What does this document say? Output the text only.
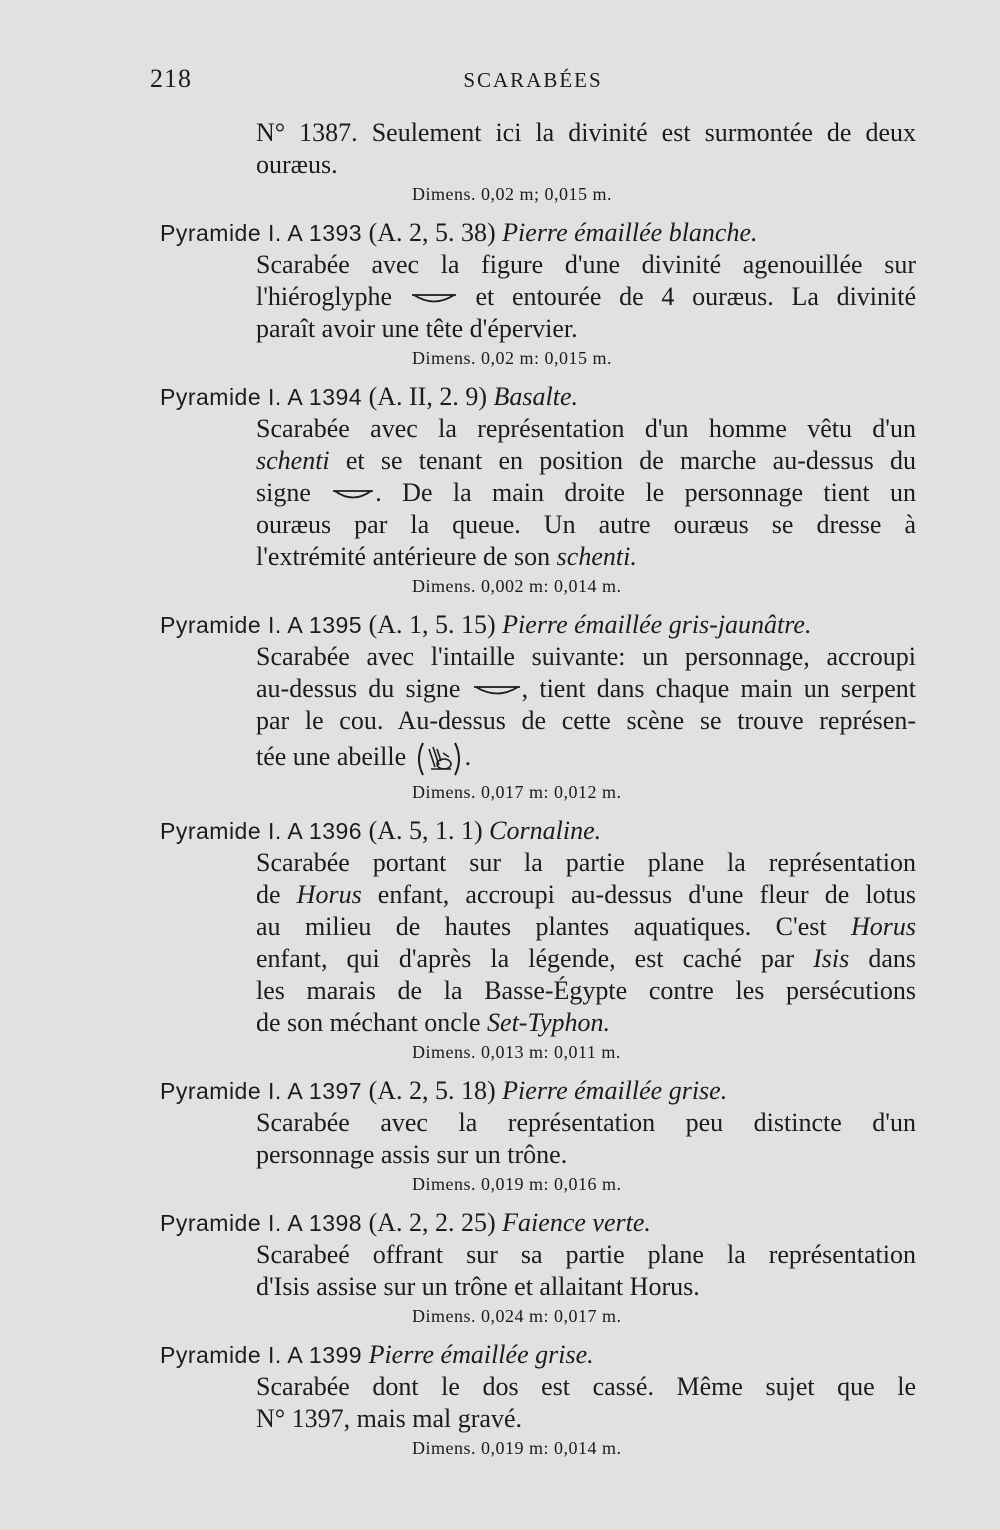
218	SCARABÉES
N° 1387. Seulement ici la divinité est surmontée de deux
ouræus.
Dimens. 0,02 m; 0,015 m.
Pyramide I. A 1393 (A. 2, 5. 38) Pierre émaillée blanche.
Scarabée avec la figure d'une divinité agenouillée sur
l'hiéroglyphe	et entourée de 4 ouræus. La divinité
paraît avoir une tête d'épervier.
Dimens. 0,02 m: 0,015 m.
Pyramide I. A 1394 (A. II, 2. 9) Basalte.
Scarabée avec la représentation d'un homme vêtu d'un
schenti et se tenant en position de marche au-dessus du
signe . De la main droite le personnage tient un
ouræus par la queue. Un autre ouræus se dresse à
l'extrémité antérieure de son schenti.
Dimens. 0,002 m: 0,014 m.
Pyramide I. A 1395 (A. 1, 5. 15) Pierre émaillée gris-jaunâtre.
Scarabée avec l'intaille suivante: un personnage, accroupi
au-dessus du signe , tient dans chaque main un serpent
par le cou. Au-dessus de cette scène se trouve représen-
tée une abeille .
Dimens. 0,017 m: 0,012 m.
Pyramide I. A 1396 (A. 5, 1. 1) Cornaline.
Scarabée portant sur la partie plane la représentation
de Horus enfant, accroupi au-dessus d'une fleur de lotus
au milieu de hautes plantes aquatiques. C'est Horus
enfant, qui d'après la légende, est caché par Isis dans
les marais de la Basse-Égypte contre les persécutions
de son méchant oncle Set-Typhon.
Dimens. 0,013 m: 0,011 m.
Pyramide I. A 1397 (A. 2, 5. 18) Pierre émaillée grise.
Scarabée avec la représentation peu distincte d'un
personnage assis sur un trône.
Dimens. 0,019 m: 0,016 m.
Pyramide I. A 1398 (A. 2, 2. 25) Faience verte.
Scarabeé offrant sur sa partie plane la représentation
d'Isis assise sur un trône et allaitant Horus.
Dimens. 0,024 m: 0,017 m.
Pyramide I. A 1399 Pierre émaillée grise.
Scarabée dont le dos est cassé. Même sujet que le
N° 1397, mais mal gravé.
Dimens. 0,019 m: 0,014 m.
